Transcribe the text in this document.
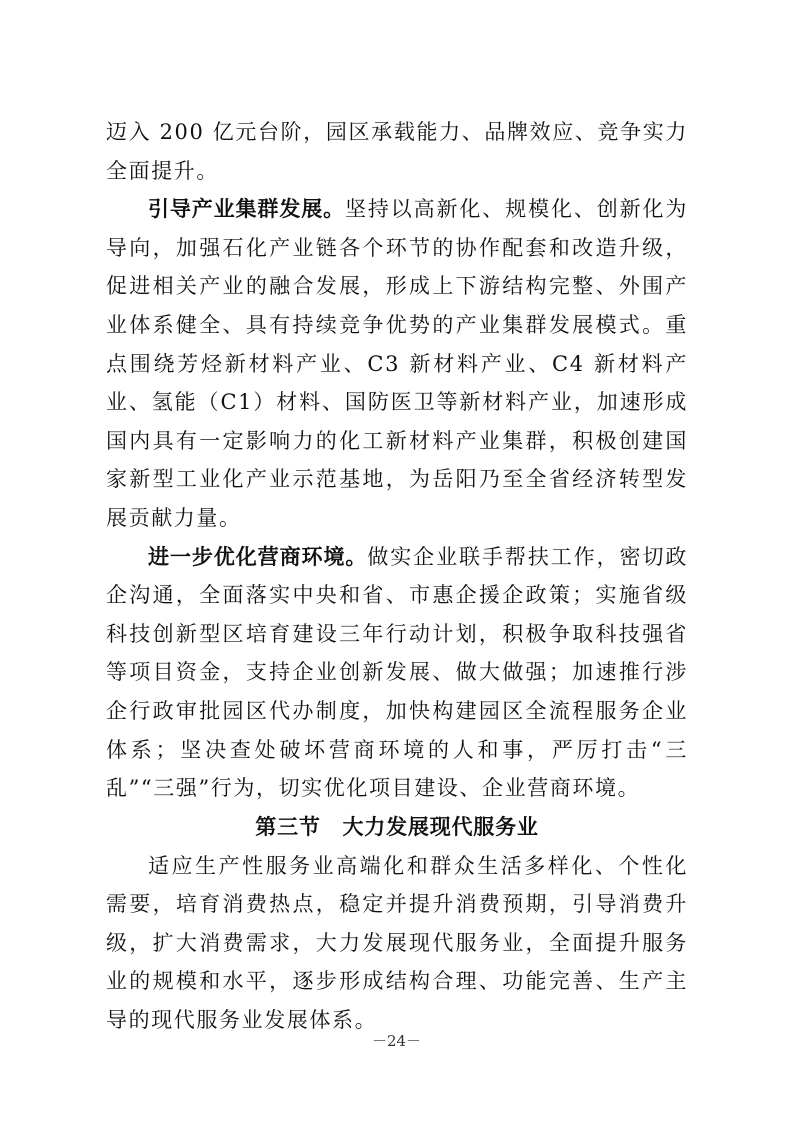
迈入 200 亿元台阶，园区承载能力、品牌效应、竞争实力全面提升。

引导产业集群发展。坚持以高新化、规模化、创新化为导向，加强石化产业链各个环节的协作配套和改造升级，促进相关产业的融合发展，形成上下游结构完整、外围产业体系健全、具有持续竞争优势的产业集群发展模式。重点围绕芳烃新材料产业、C3 新材料产业、C4 新材料产业、氢能（C1）材料、国防医卫等新材料产业，加速形成国内具有一定影响力的化工新材料产业集群，积极创建国家新型工业化产业示范基地，为岳阳乃至全省经济转型发展贡献力量。

进一步优化营商环境。做实企业联手帮扶工作，密切政企沟通，全面落实中央和省、市惠企援企政策；实施省级科技创新型区培育建设三年行动计划，积极争取科技强省等项目资金，支持企业创新发展、做大做强；加速推行涉企行政审批园区代办制度，加快构建园区全流程服务企业体系；坚决查处破坏营商环境的人和事，严厉打击“三乱”“三强”行为，切实优化项目建设、企业营商环境。

第三节　大力发展现代服务业

适应生产性服务业高端化和群众生活多样化、个性化需要，培育消费热点，稳定并提升消费预期，引导消费升级，扩大消费需求，大力发展现代服务业，全面提升服务业的规模和水平，逐步形成结构合理、功能完善、生产主导的现代服务业发展体系。

－24－
